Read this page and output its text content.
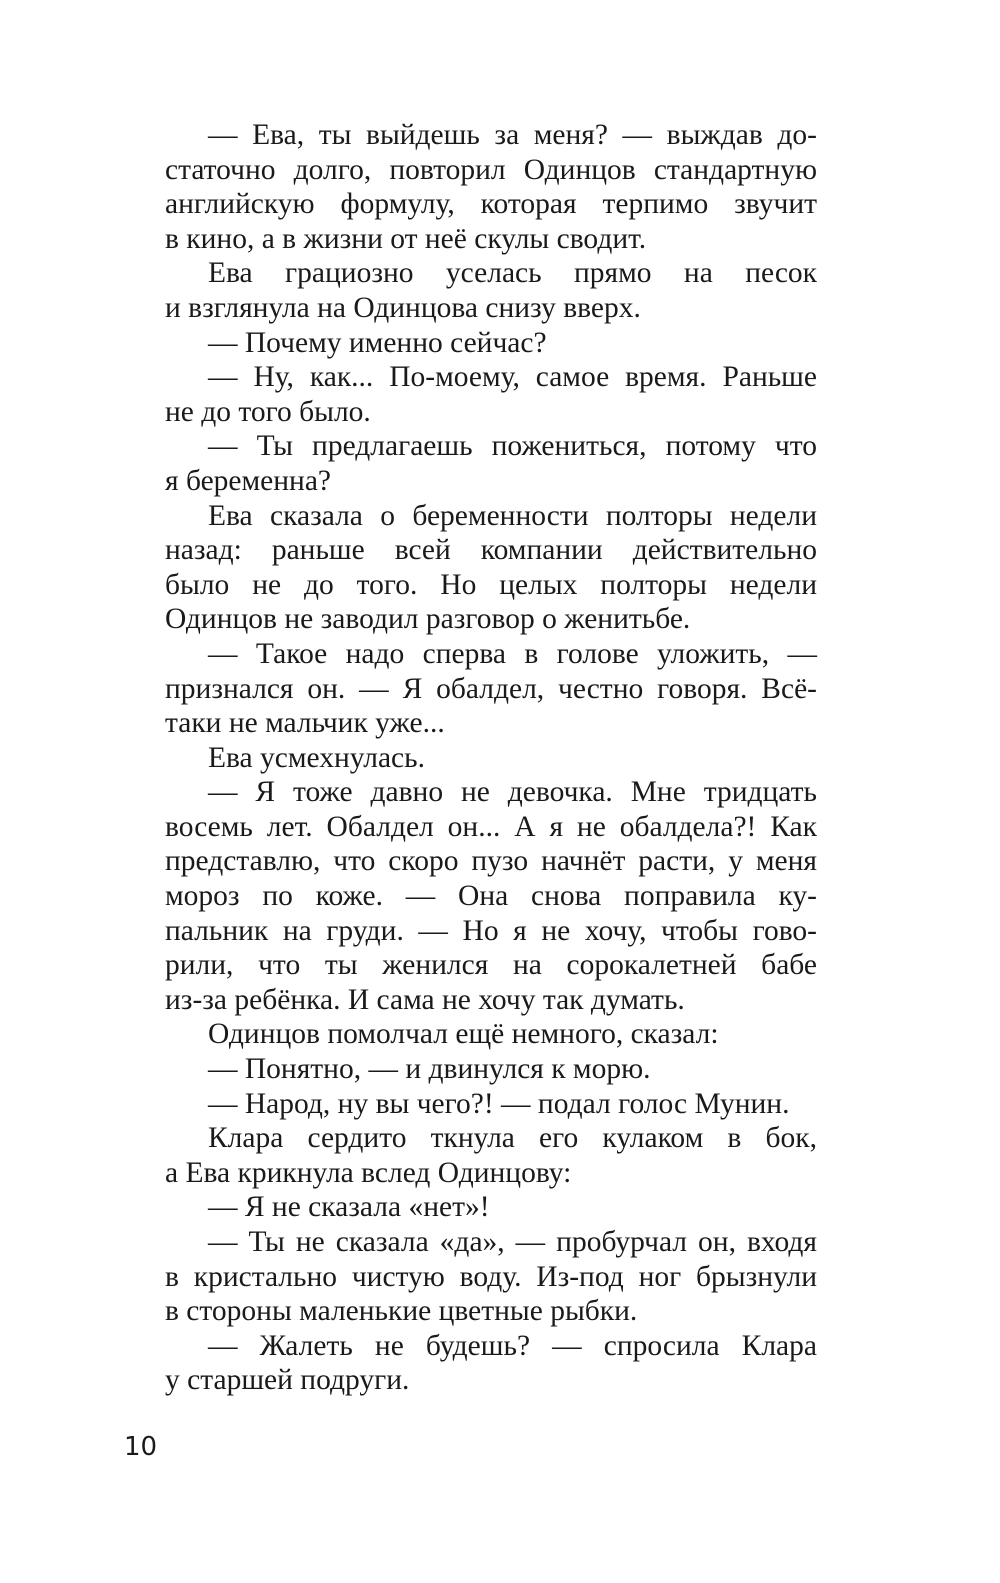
— Ева, ты выйдешь за меня? — выждав до-
статочно долго, повторил Одинцов стандартную
английскую формулу, которая терпимо звучит
в кино, а в жизни от неё скулы сводит.
Ева грациозно уселась прямо на песок
и взглянула на Одинцова снизу вверх.
— Почему именно сейчас?
— Ну, как... По-моему, самое время. Раньше
не до того было.
— Ты предлагаешь пожениться, потому что
я беременна?
Ева сказала о беременности полторы недели
назад: раньше всей компании действительно
было не до того. Но целых полторы недели
Одинцов не заводил разговор о женитьбе.
— Такое надо сперва в голове уложить, —
признался он. — Я обалдел, честно говоря. Всё-
таки не мальчик уже...
Ева усмехнулась.
— Я тоже давно не девочка. Мне тридцать
восемь лет. Обалдел он... А я не обалдела?! Как
представлю, что скоро пузо начнёт расти, у меня
мороз по коже. — Она снова поправила ку-
пальник на груди. — Но я не хочу, чтобы гово-
рили, что ты женился на сорокалетней бабе
из-за ребёнка. И сама не хочу так думать.
Одинцов помолчал ещё немного, сказал:
— Понятно, — и двинулся к морю.
— Народ, ну вы чего?! — подал голос Мунин.
Клара сердито ткнула его кулаком в бок,
а Ева крикнула вслед Одинцову:
— Я не сказала «нет»!
— Ты не сказала «да», — пробурчал он, входя
в кристально чистую воду. Из-под ног брызнули
в стороны маленькие цветные рыбки.
— Жалеть не будешь? — спросила Клара
у старшей подруги.
10
